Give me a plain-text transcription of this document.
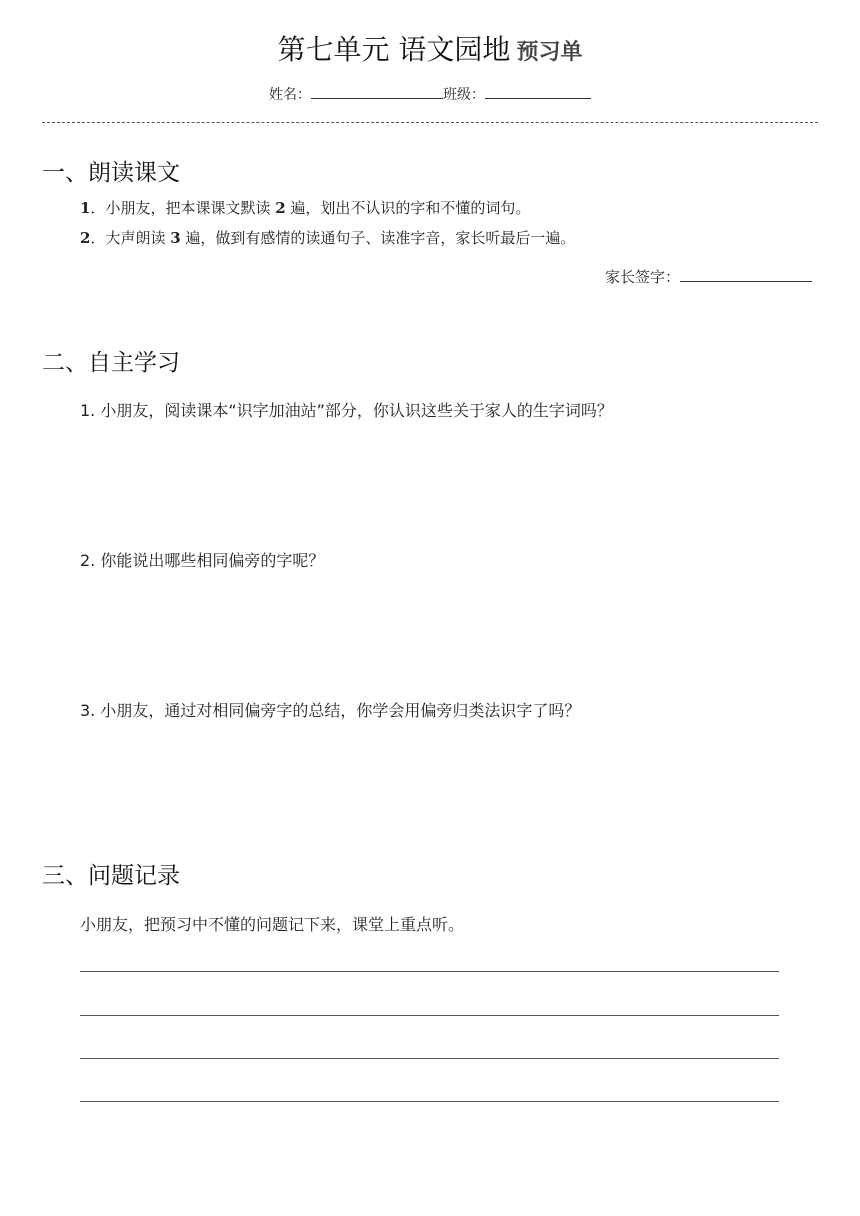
第七单元 语文园地 预习单
姓名：	班级：
一、朗读课文
1．小朋友，把本课课文默读 2 遍，划出不认识的字和不懂的词句。
2．大声朗读 3 遍，做到有感情的读通句子、读准字音，家长听最后一遍。
家长签字：
二、自主学习
1. 小朋友，阅读课本“识字加油站”部分，你认识这些关于家人的生字词吗？
2. 你能说出哪些相同偏旁的字呢？
3. 小朋友，通过对相同偏旁字的总结，你学会用偏旁归类法识字了吗？
三、问题记录
小朋友，把预习中不懂的问题记下来，课堂上重点听。
